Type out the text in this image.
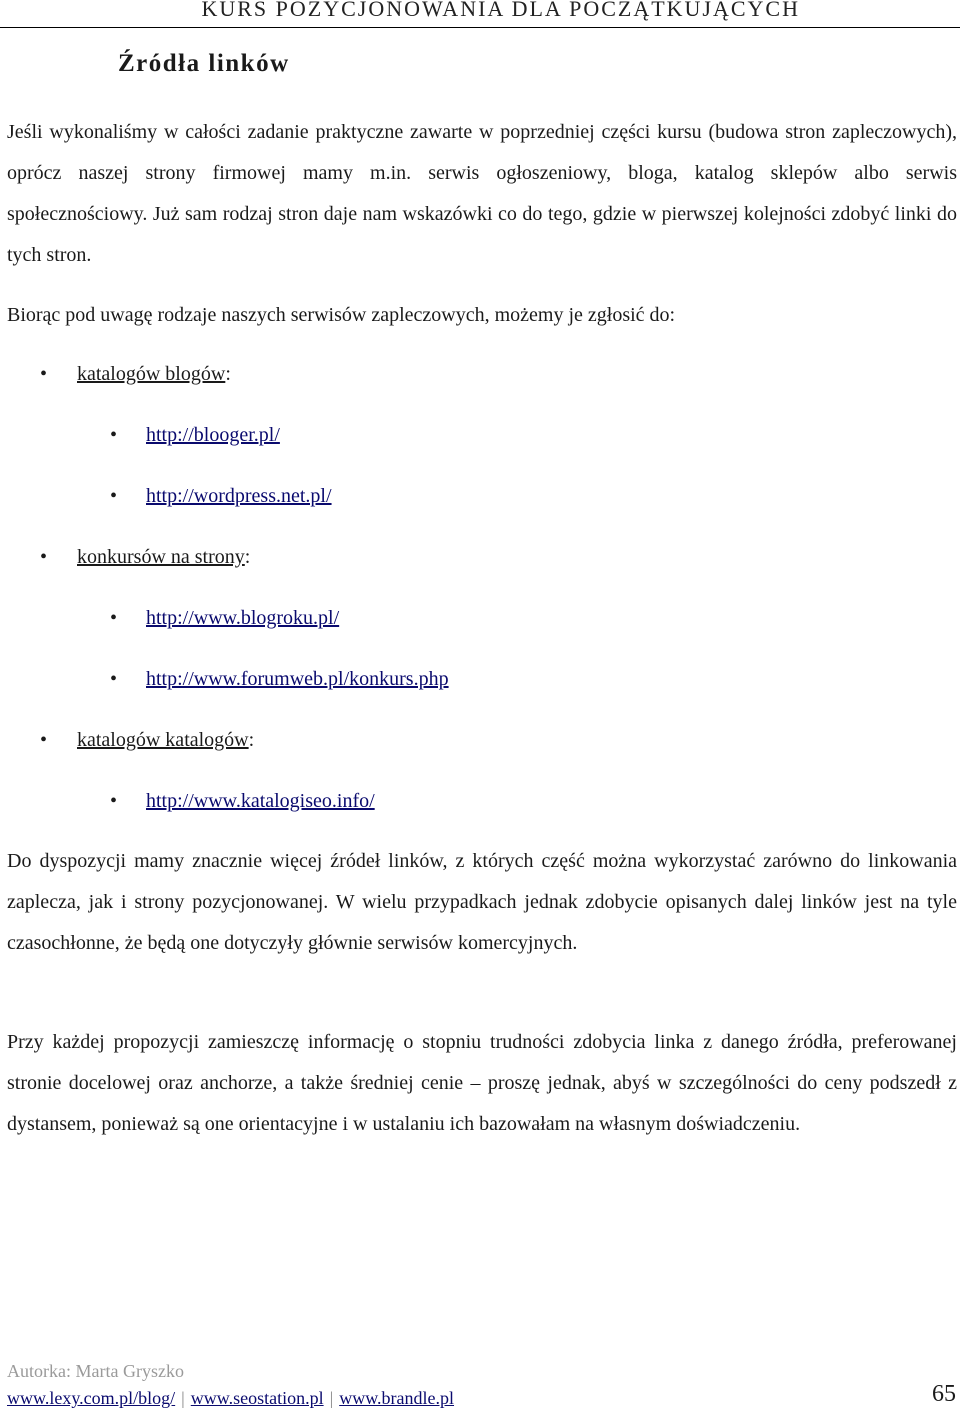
KURS POZYCJONOWANIA DLA POCZĄTKUJĄCYCH
Źródła linków

Jeśli wykonaliśmy w całości zadanie praktyczne zawarte w poprzedniej części kursu (budowa stron zapleczowych), oprócz naszej strony firmowej mamy m.in. serwis ogłoszeniowy, bloga, katalog sklepów albo serwis społecznościowy. Już sam rodzaj stron daje nam wskazówki co do tego, gdzie w pierwszej kolejności zdobyć linki do tych stron.

Biorąc pod uwagę rodzaje naszych serwisów zapleczowych, możemy je zgłosić do:

• katalogów blogów:
• http://blooger.pl/
• http://wordpress.net.pl/
• konkursów na strony:
• http://www.blogroku.pl/
• http://www.forumweb.pl/konkurs.php
• katalogów katalogów:
• http://www.katalogiseo.info/

Do dyspozycji mamy znacznie więcej źródeł linków, z których część można wykorzystać zarówno do linkowania zaplecza, jak i strony pozycjonowanej. W wielu przypadkach jednak zdobycie opisanych dalej linków jest na tyle czasochłonne, że będą one dotyczyły głównie serwisów komercyjnych.

Przy każdej propozycji zamieszczę informację o stopniu trudności zdobycia linka z danego źródła, preferowanej stronie docelowej oraz anchorze, a także średniej cenie – proszę jednak, abyś w szczególności do ceny podszedł z dystansem, ponieważ są one orientacyjne i w ustalaniu ich bazowałam na własnym doświadczeniu.

Autorka: Marta Gryszko
www.lexy.com.pl/blog/ | www.seostation.pl | www.brandle.pl	65
